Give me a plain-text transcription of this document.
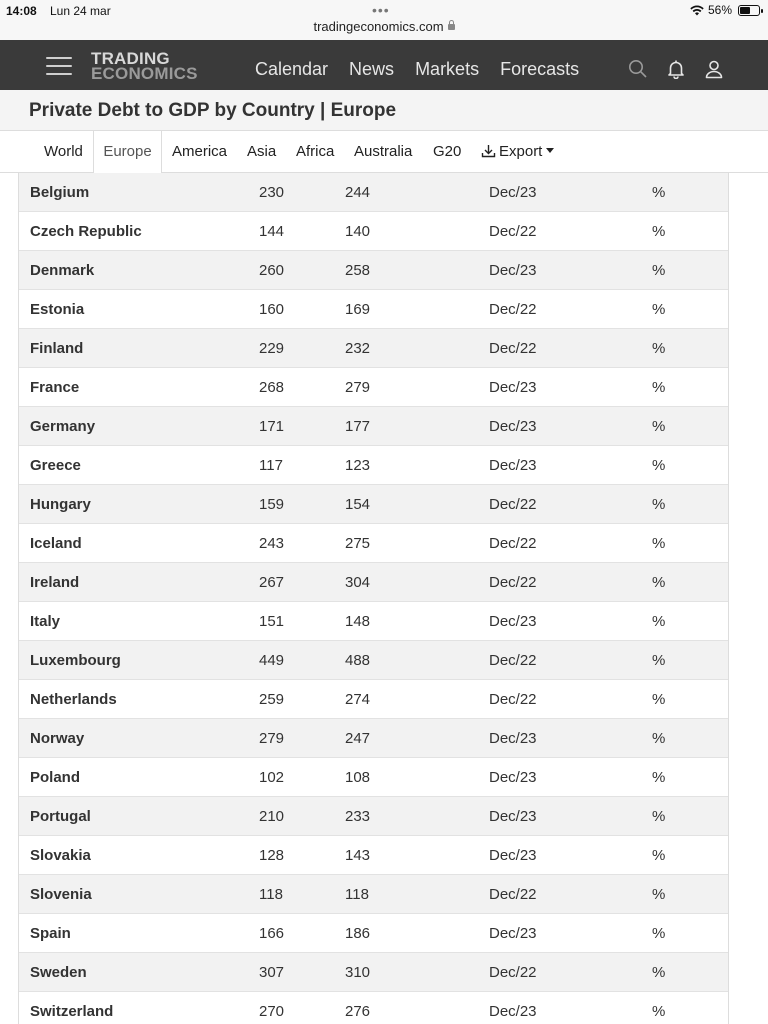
14:08 Lun 24 mar	•••	56%
tradingeconomics.com
TRADING
ECONOMICS	Calendar News Markets Forecasts
Private Debt to GDP by Country | Europe
World	Europe	America Asia Africa Australia G20	Export
Belgium	230	244	Dec/23	%
Czech Republic	144	140	Dec/22	%
Denmark	260	258	Dec/23	%
Estonia	160	169	Dec/22	%
Finland	229	232	Dec/22	%
France	268	279	Dec/23	%
Germany	171	177	Dec/23	%
Greece	117	123	Dec/23	%
Hungary	159	154	Dec/22	%
Iceland	243	275	Dec/22	%
Ireland	267	304	Dec/22	%
Italy	151	148	Dec/23	%
Luxembourg	449	488	Dec/22	%
Netherlands	259	274	Dec/22	%
Norway	279	247	Dec/23	%
Poland	102	108	Dec/23	%
Portugal	210	233	Dec/23	%
Slovakia	128	143	Dec/23	%
Slovenia	118	118	Dec/22	%
Spain	166	186	Dec/23	%
Sweden	307	310	Dec/22	%
Switzerland	270	276	Dec/23	%
